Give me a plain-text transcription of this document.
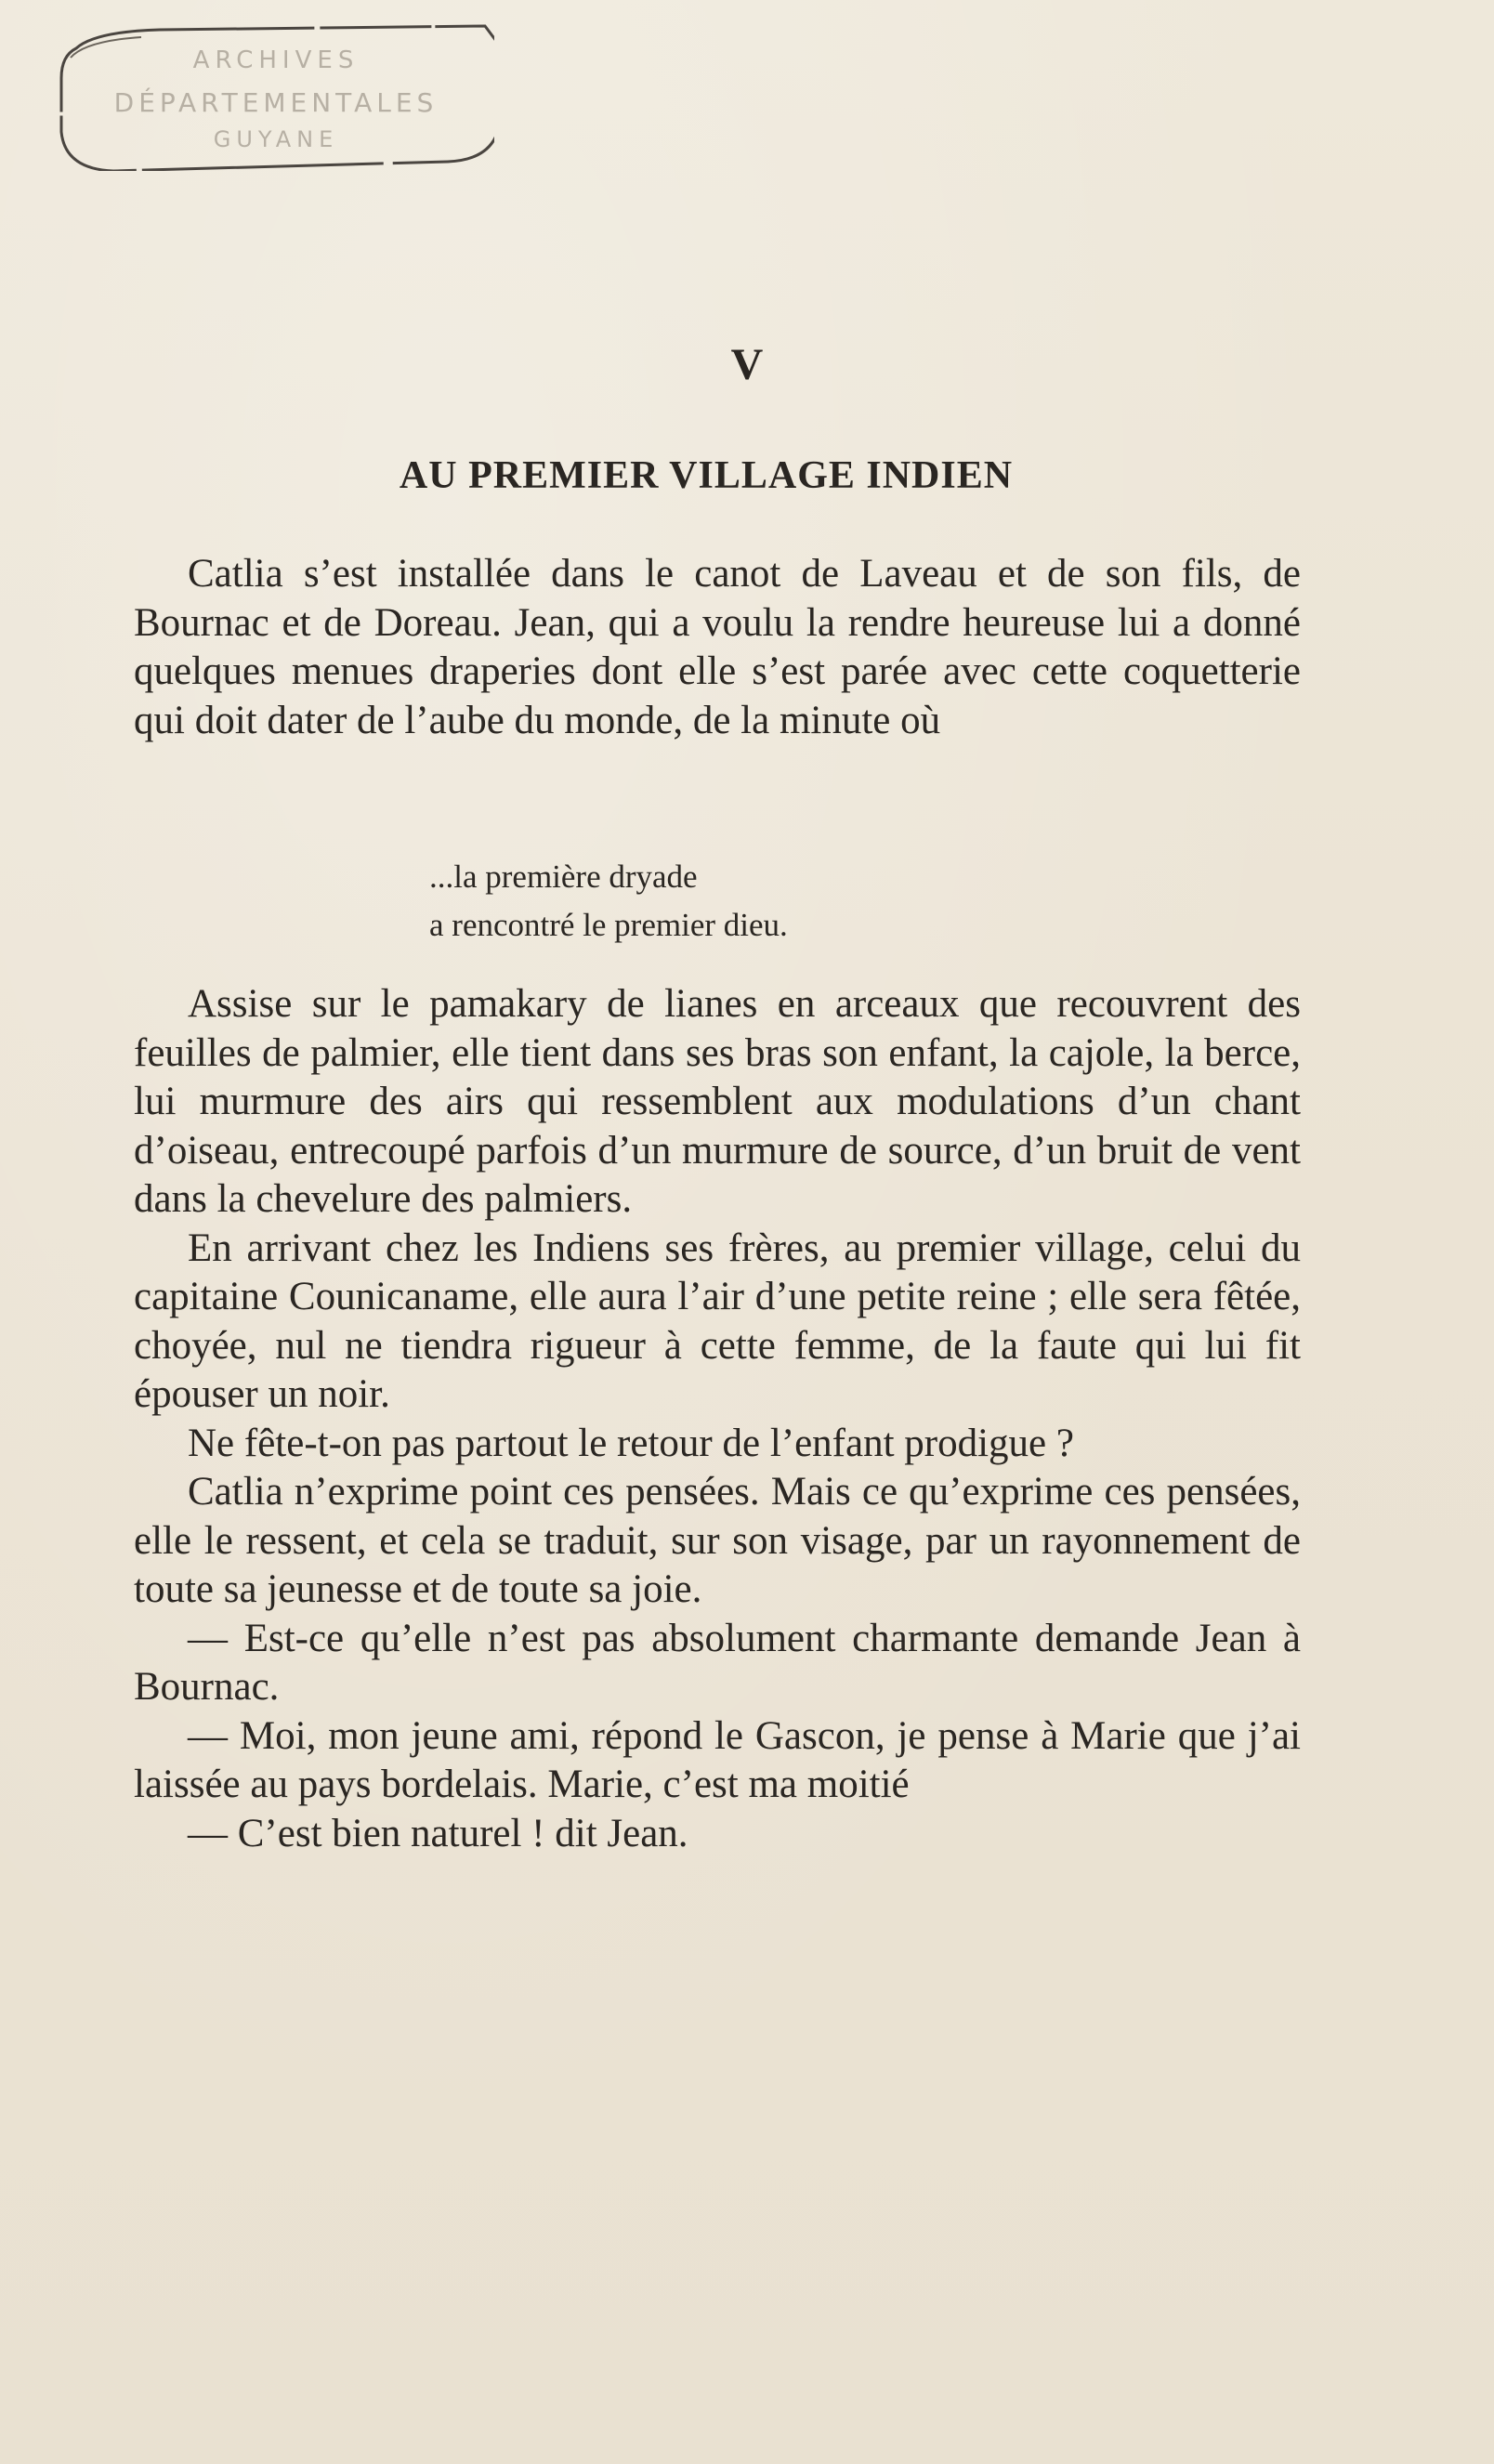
ARCHIVES
DÉPARTEMENTALES
GUYANE
V
AU PREMIER VILLAGE INDIEN

Catlia s’est installée dans le canot de Laveau et de son fils, de Bournac et de Doreau. Jean, qui a voulu la rendre heureuse lui a donné quelques menues draperies dont elle s’est parée avec cette coquetterie qui doit dater de l’aube du monde, de la minute où

...la première dryade
a rencontré le premier dieu.

Assise sur le pamakary de lianes en arceaux que recouvrent des feuilles de palmier, elle tient dans ses bras son enfant, la cajole, la berce, lui murmure des airs qui ressemblent aux modulations d’un chant d’oiseau, entrecoupé parfois d’un murmure de source, d’un bruit de vent dans la chevelure des palmiers.

En arrivant chez les Indiens ses frères, au premier village, celui du capitaine Counicaname, elle aura l’air d’une petite reine ; elle sera fêtée, choyée, nul ne tiendra rigueur à cette femme, de la faute qui lui fit épouser un noir.

Ne fête-t-on pas partout le retour de l’enfant prodigue ?

Catlia n’exprime point ces pensées. Mais ce qu’exprime ces pensées, elle le ressent, et cela se traduit, sur son visage, par un rayonnement de toute sa jeunesse et de toute sa joie.

— Est-ce qu’elle n’est pas absolument charmante demande Jean à Bournac.

— Moi, mon jeune ami, répond le Gascon, je pense à Marie que j’ai laissée au pays bordelais. Marie, c’est ma moitié

— C’est bien naturel ! dit Jean.
